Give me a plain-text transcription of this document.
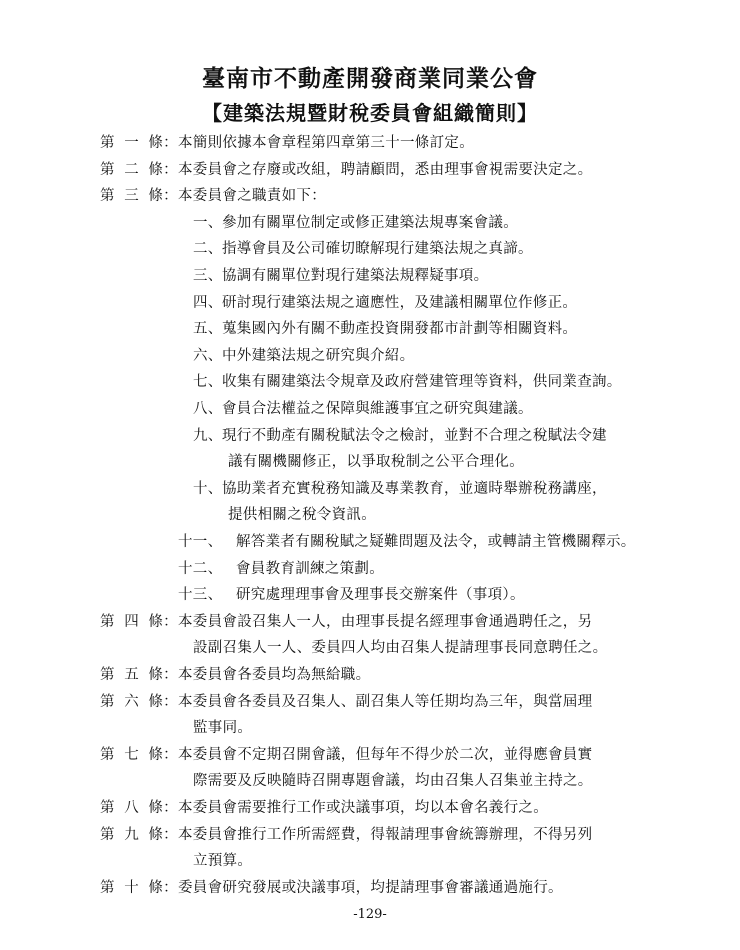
臺南市不動產開發商業同業公會
【建築法規暨財稅委員會組織簡則】
第 一 條： 本簡則依據本會章程第四章第三十一條訂定。
第 二 條： 本委員會之存廢或改組，聘請顧問，悉由理事會視需要決定之。
第 三 條： 本委員會之職責如下：
一、 參加有關單位制定或修正建築法規專案會議。
二、 指導會員及公司確切瞭解現行建築法規之真諦。
三、 協調有關單位對現行建築法規釋疑事項。
四、 研討現行建築法規之適應性，及建議相關單位作修正。
五、 蒐集國內外有關不動產投資開發都市計劃等相關資料。
六、 中外建築法規之研究與介紹。
七、 收集有關建築法令規章及政府營建管理等資料，供同業查詢。
八、 會員合法權益之保障與維護事宜之研究與建議。
九、 現行不動產有關稅賦法令之檢討，並對不合理之稅賦法令建
議有關機關修正，以爭取稅制之公平合理化。
十、 協助業者充實稅務知識及專業教育，並適時舉辦稅務講座，
提供相關之稅令資訊。
十一、 解答業者有關稅賦之疑難問題及法令，或轉請主管機關釋示。
十二、 會員教育訓練之策劃。
十三、 研究處理理事會及理事長交辦案件（事項）。
第 四 條： 本委員會設召集人一人，由理事長提名經理事會通過聘任之，另
設副召集人一人、委員四人均由召集人提請理事長同意聘任之。
第 五 條： 本委員會各委員均為無給職。
第 六 條： 本委員會各委員及召集人、副召集人等任期均為三年，與當屆理
監事同。
第 七 條： 本委員會不定期召開會議，但每年不得少於二次，並得應會員實
際需要及反映隨時召開專題會議，均由召集人召集並主持之。
第 八 條： 本委員會需要推行工作或決議事項，均以本會名義行之。
第 九 條： 本委員會推行工作所需經費，得報請理事會統籌辦理，不得另列
立預算。
第 十 條： 委員會研究發展或決議事項，均提請理事會審議通過施行。
-129-
